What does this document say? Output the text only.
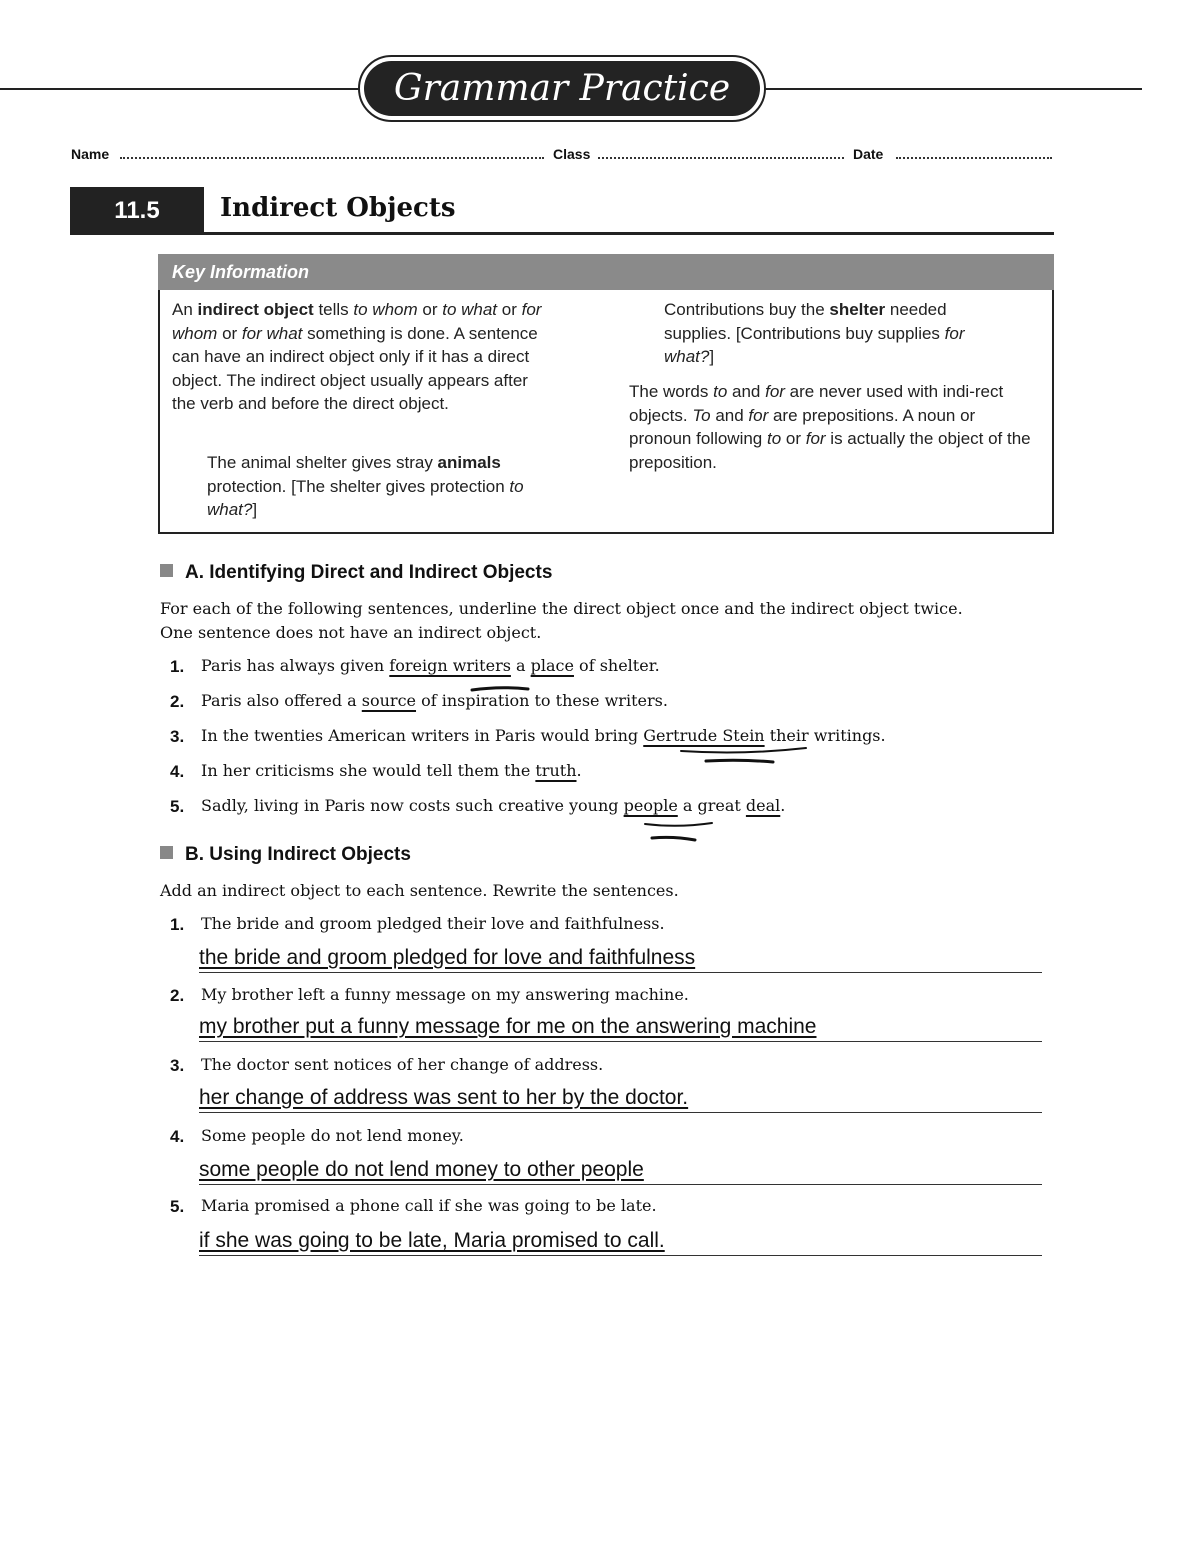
Grammar Practice
Name	Class	Date
11.5	Indirect Objects
Key Information

An indirect object tells to whom or to what or for whom or for what something is done. A sentence can have an indirect object only if it has a direct object. The indirect object usually appears after the verb and before the direct object.

The animal shelter gives stray animals protection. [The shelter gives protection to what?]

Contributions buy the shelter needed supplies. [Contributions buy supplies for what?]

The words to and for are never used with indi-rect objects. To and for are prepositions. A noun or pronoun following to or for is actually the object of the preposition.

A. Identifying Direct and Indirect Objects
For each of the following sentences, underline the direct object once and the indirect object twice. One sentence does not have an indirect object.
1.	Paris has always given foreign writers a place of shelter.
2.	Paris also offered a source of inspiration to these writers.
3.	In the twenties American writers in Paris would bring Gertrude Stein their writings.
4.	In her criticisms she would tell them the truth.
5.	Sadly, living in Paris now costs such creative young people a great deal.
B. Using Indirect Objects
Add an indirect object to each sentence. Rewrite the sentences.
1.	The bride and groom pledged their love and faithfulness.
the bride and groom pledged for love and faithfulness
2.	My brother left a funny message on my answering machine.
my brother put a funny message for me on the answering machine
3.	The doctor sent notices of her change of address.
her change of address was sent to her by the doctor.
4.	Some people do not lend money.
some people do not lend money to other people
5.	Maria promised a phone call if she was going to be late.
if she was going to be late, Maria promised to call.
